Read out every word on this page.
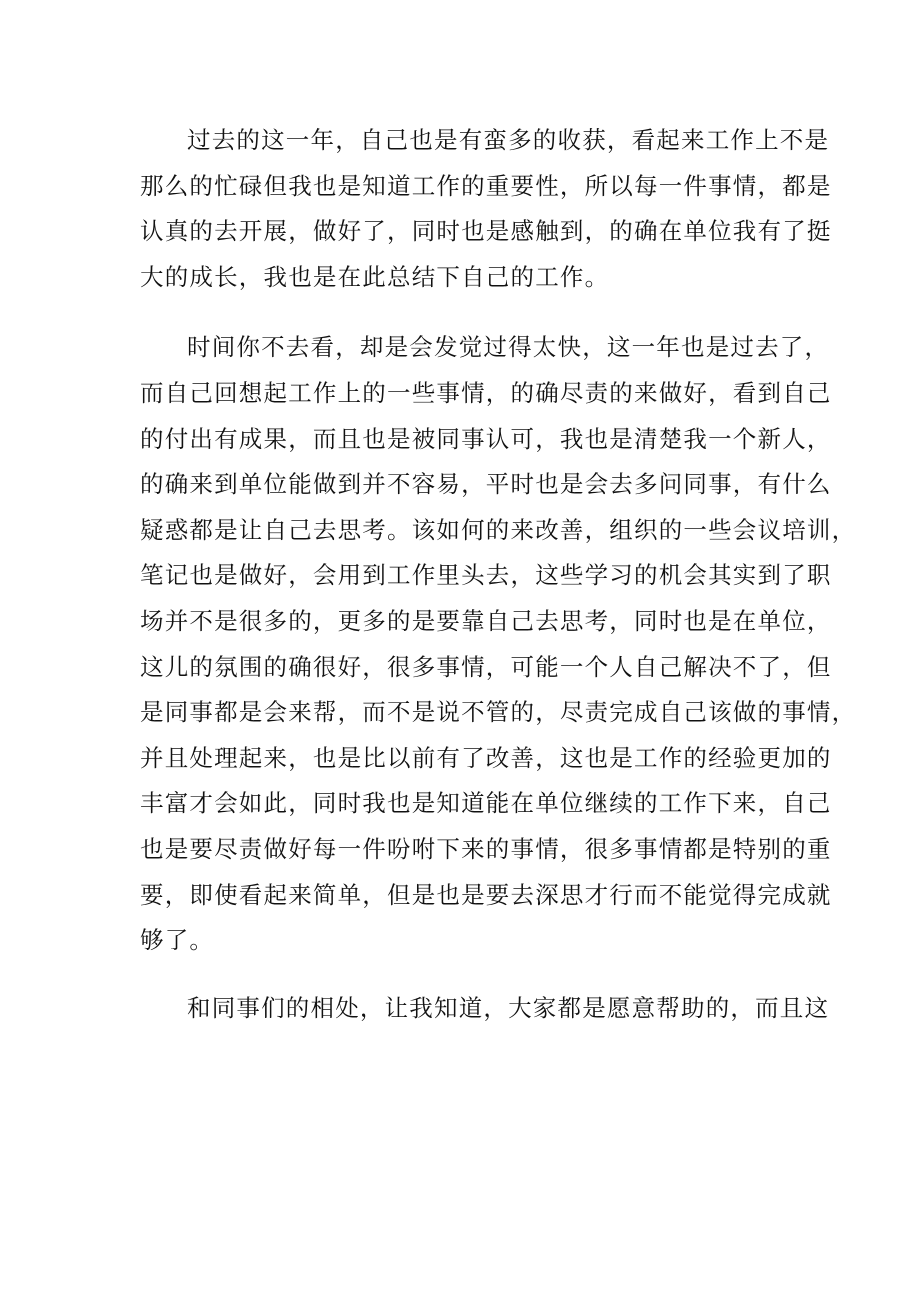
过去的这一年，自己也是有蛮多的收获，看起来工作上不是
那么的忙碌但我也是知道工作的重要性，所以每一件事情，都是
认真的去开展，做好了，同时也是感触到，的确在单位我有了挺
大的成长，我也是在此总结下自己的工作。

时间你不去看，却是会发觉过得太快，这一年也是过去了，
而自己回想起工作上的一些事情，的确尽责的来做好，看到自己
的付出有成果，而且也是被同事认可，我也是清楚我一个新人，
的确来到单位能做到并不容易，平时也是会去多问同事，有什么
疑惑都是让自己去思考。该如何的来改善，组织的一些会议培训，
笔记也是做好，会用到工作里头去，这些学习的机会其实到了职
场并不是很多的，更多的是要靠自己去思考，同时也是在单位，
这儿的氛围的确很好，很多事情，可能一个人自己解决不了，但
是同事都是会来帮，而不是说不管的，尽责完成自己该做的事情，
并且处理起来，也是比以前有了改善，这也是工作的经验更加的
丰富才会如此，同时我也是知道能在单位继续的工作下来，自己
也是要尽责做好每一件吩咐下来的事情，很多事情都是特别的重
要，即使看起来简单，但是也是要去深思才行而不能觉得完成就
够了。

和同事们的相处，让我知道，大家都是愿意帮助的，而且这
